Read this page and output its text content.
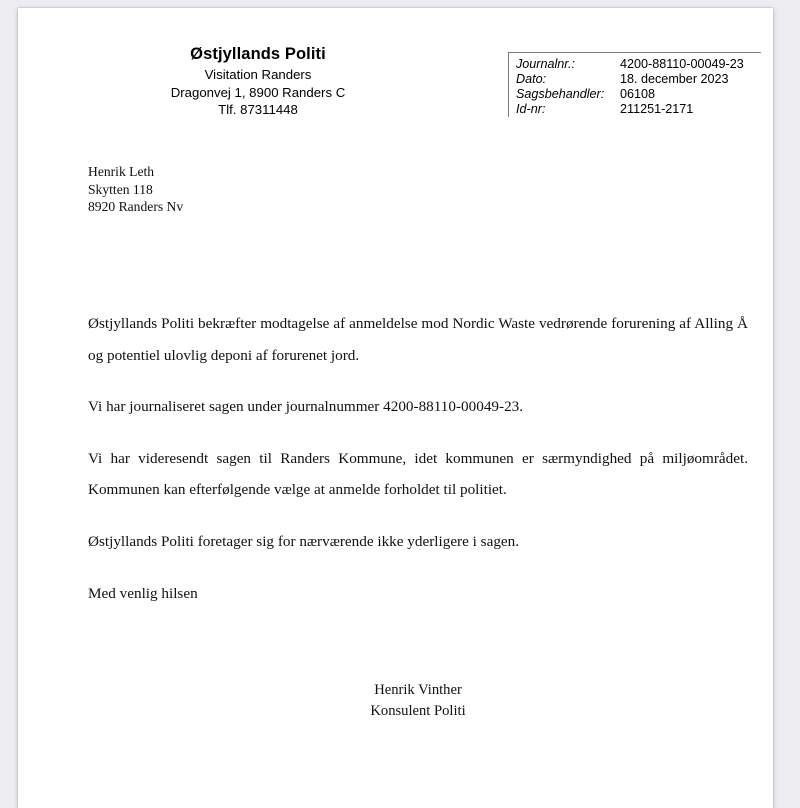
Østjyllands Politi
Visitation Randers
Dragonvej 1, 8900 Randers C
Tlf. 87311448
Journalnr.:	4200-88110-00049-23
Dato:	18. december 2023
Sagsbehandler:	06108
Id-nr:	211251-2171
Henrik Leth
Skytten 118
8920 Randers Nv

Østjyllands Politi bekræfter modtagelse af anmeldelse mod Nordic Waste vedrørende forurening af Alling Å og potentiel ulovlig deponi af forurenet jord.

Vi har journaliseret sagen under journalnummer 4200-88110-00049-23.

Vi har videresendt sagen til Randers Kommune, idet kommunen er særmyndighed på miljøområdet. Kommunen kan efterfølgende vælge at anmelde forholdet til politiet.

Østjyllands Politi foretager sig for nærværende ikke yderligere i sagen.

Med venlig hilsen

Henrik Vinther
Konsulent Politi
